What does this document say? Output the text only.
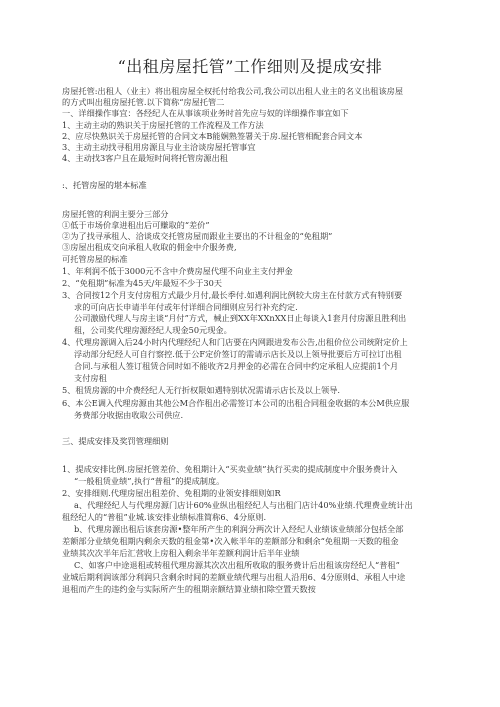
“出租房屋托管”工作细则及提成安排
房屋托管:出租人（业主）将出租房屋全权托付给我公司,我公司以出租人业主的名义出租该房屋
的方式叫出租房屋托管.以下简称“房屋托管二
一、详细操作事宜：各经纪人在从事该项业务时首先应与奴的详细操作事宜如下
1、主动主动的熟识关于房屋托管的工作流程及工作方法
2、应尽快熟识关于房屋托管的合同文本B能娴熟签署关于房.屋托管相配套合同文本
3、主动主动找寻租用房源且与业主洽谈房屋托管事宜
4、主动找3客户且在最短时间将托管房源出租
:、托管房屋的堪本标准
房屋托管的利润主要分三部分
①低于市场价拿进租出后可赚取的“差价”
②为了找寻承租人、洽谈成交托管房屋而跟业主要出的不计租金的“免租期”
③房屋出租成交向承租人收取的佣金中介服务费,
可托管房屋的标准
1、年利润不低于3000元不含中介费房屋代理不向业主支付押金
2、“免租期”标准为45天/年最短不少于30天
3、合同按12个月支付房租方式最少月付,最长季付.如遇利润比例较大房主在付款方式有特别要
求的可向店长申请半年付或年付详细合同细则应另行补充约定.
公司激励代理人与房主谈“月付”方式，械止到XX年XXnXX日止每谈入1套月付房源且胜利出
租，公司奖代理房源经纪人现金50元现金。
4、代理房源调入后24小时内代理经纪人和门店要在内网跟进发布公告,出租价位公司统附定价上
浮动部分纪经人可自行察控.低于公F定价签订的需请示店长及以上领导批要后方可拉订出租
合同.与承租人签订租赁合同时如不能收齐2月押金的必需在合同中约定承租人应提前1个月
支付房租
5、租赁房源的中介费经纪人无行折权限如遇特别状况需请示店长及以上领导.
6、本公E调入代理房源由其他公M合作租出必需签订本公司的出租合同租金收据的本公M供应服
务费部分收据由收取公司供应.
三、提成安排及奖罚管理细则
1、提成安排比例.房屋托管差价、免租期计入“买卖业绩”执行买卖的提成制度中介服务费计入
“一般租赁业绩”,执行“普租”的提成制度。
2、安排细则.代理房屋出租差价、免租期的业领安排细则如R
a、代理经纪人与代理房源门店计60%业纵出租经纪人与出租门店计40%业绩.代理费业统计出
租经纪人的“普租”业城.该安排业绩标准简称6、4分原则.
b、代理房源出租后该套房源•整年所产生的利润分两次计入经纪人业绩该业绩部分包括全部
差额部分业绩免租期内剩余天数的租金第•次入帐半年的差额部分和剩余“免租期一天数的租金
业绩其次次半年后汇营收上房租入剩余半年差额利润计后半年业绩
C、如客户中途退租或转租代理房源其次次出租所收取的服务费计后出租该房经纪人“普租”
业城后期利润该部分利润只含剩余时间的差额业绩代理与出租人沿用6、4分原则d、承租人中途
退租而产生的违约金与实际所产生的租期亲额结算业绩扣除空置天数按
